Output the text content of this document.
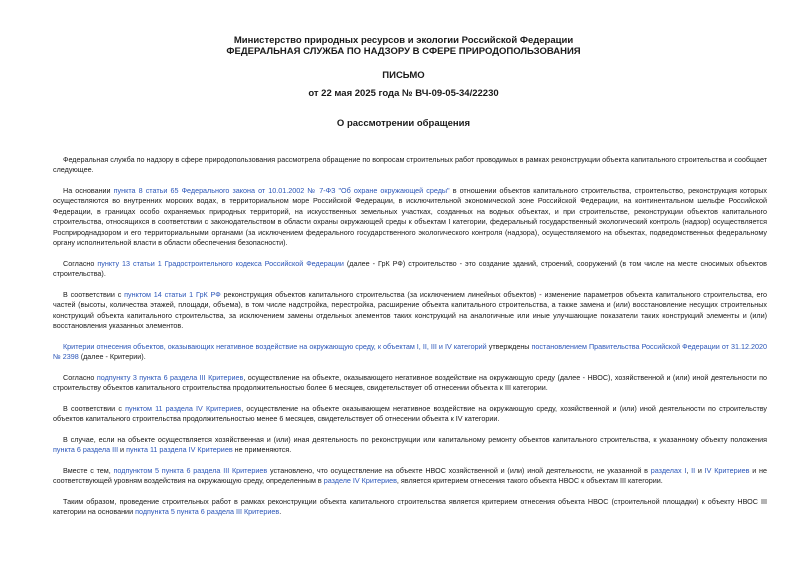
Министерство природных ресурсов и экологии Российской Федерации
ФЕДЕРАЛЬНАЯ СЛУЖБА ПО НАДЗОРУ В СФЕРЕ ПРИРОДОПОЛЬЗОВАНИЯ
ПИСЬМО
от 22 мая 2025 года № ВЧ-09-05-34/22230
О рассмотрении обращения

Федеральная служба по надзору в сфере природопользования рассмотрела обращение по вопросам строительных работ проводимых в рамках реконструкции объекта капитального строительства и сообщает следующее.

На основании пункта 8 статьи 65 Федерального закона от 10.01.2002 № 7-ФЗ "Об охране окружающей среды" в отношении объектов капитального строительства, строительство, реконструкция которых осуществляются во внутренних морских водах, в территориальном море Российской Федерации, в исключительной экономической зоне Российской Федерации, на континентальном шельфе Российской Федерации, в границах особо охраняемых природных территорий, на искусственных земельных участках, созданных на водных объектах, и при строительстве, реконструкции объектов капитального строительства, относящихся в соответствии с законодательством в области охраны окружающей среды к объектам I категории, федеральный государственный экологический контроль (надзор) осуществляется Росприроднадзором и его территориальными органами (за исключением федерального государственного экологического контроля (надзора), осуществляемого на объектах, подведомственных федеральному органу исполнительной власти в области обеспечения безопасности).

Согласно пункту 13 статьи 1 Градостроительного кодекса Российской Федерации (далее - ГрК РФ) строительство - это создание зданий, строений, сооружений (в том числе на месте сносимых объектов строительства).

В соответствии с пунктом 14 статьи 1 ГрК РФ реконструкция объектов капитального строительства (за исключением линейных объектов) - изменение параметров объекта капитального строительства, его частей (высоты, количества этажей, площади, объема), в том числе надстройка, перестройка, расширение объекта капитального строительства, а также замена и (или) восстановление несущих строительных конструкций объекта капитального строительства, за исключением замены отдельных элементов таких конструкций на аналогичные или иные улучшающие показатели таких конструкций элементы и (или) восстановления указанных элементов.

Критерии отнесения объектов, оказывающих негативное воздействие на окружающую среду, к объектам I, II, III и IV категорий утверждены постановлением Правительства Российской Федерации от 31.12.2020 № 2398 (далее - Критерии).

Согласно подпункту 3 пункта 6 раздела III Критериев, осуществление на объекте, оказывающего негативное воздействие на окружающую среду (далее - НВОС), хозяйственной и (или) иной деятельности по строительству объектов капитального строительства продолжительностью более 6 месяцев, свидетельствует об отнесении объекта к III категории.

В соответствии с пунктом 11 раздела IV Критериев, осуществление на объекте оказывающем негативное воздействие на окружающую среду, хозяйственной и (или) иной деятельности по строительству объектов капитального строительства продолжительностью менее 6 месяцев, свидетельствует об отнесении объекта к IV категории.

В случае, если на объекте осуществляется хозяйственная и (или) иная деятельность по реконструкции или капитальному ремонту объектов капитального строительства, к указанному объекту положения пункта 6 раздела III и пункта 11 раздела IV Критериев не применяются.

Вместе с тем, подпунктом 5 пункта 6 раздела III Критериев установлено, что осуществление на объекте НВОС хозяйственной и (или) иной деятельности, не указанной в разделах I, II и IV Критериев и не соответствующей уровням воздействия на окружающую среду, определенным в разделе IV Критериев, является критерием отнесения такого объекта НВОС к объектам III категории.

Таким образом, проведение строительных работ в рамках реконструкции объекта капитального строительства является критерием отнесения объекта НВОС (строительной площадки) к объекту НВОС III категории на основании подпункта 5 пункта 6 раздела III Критериев.
